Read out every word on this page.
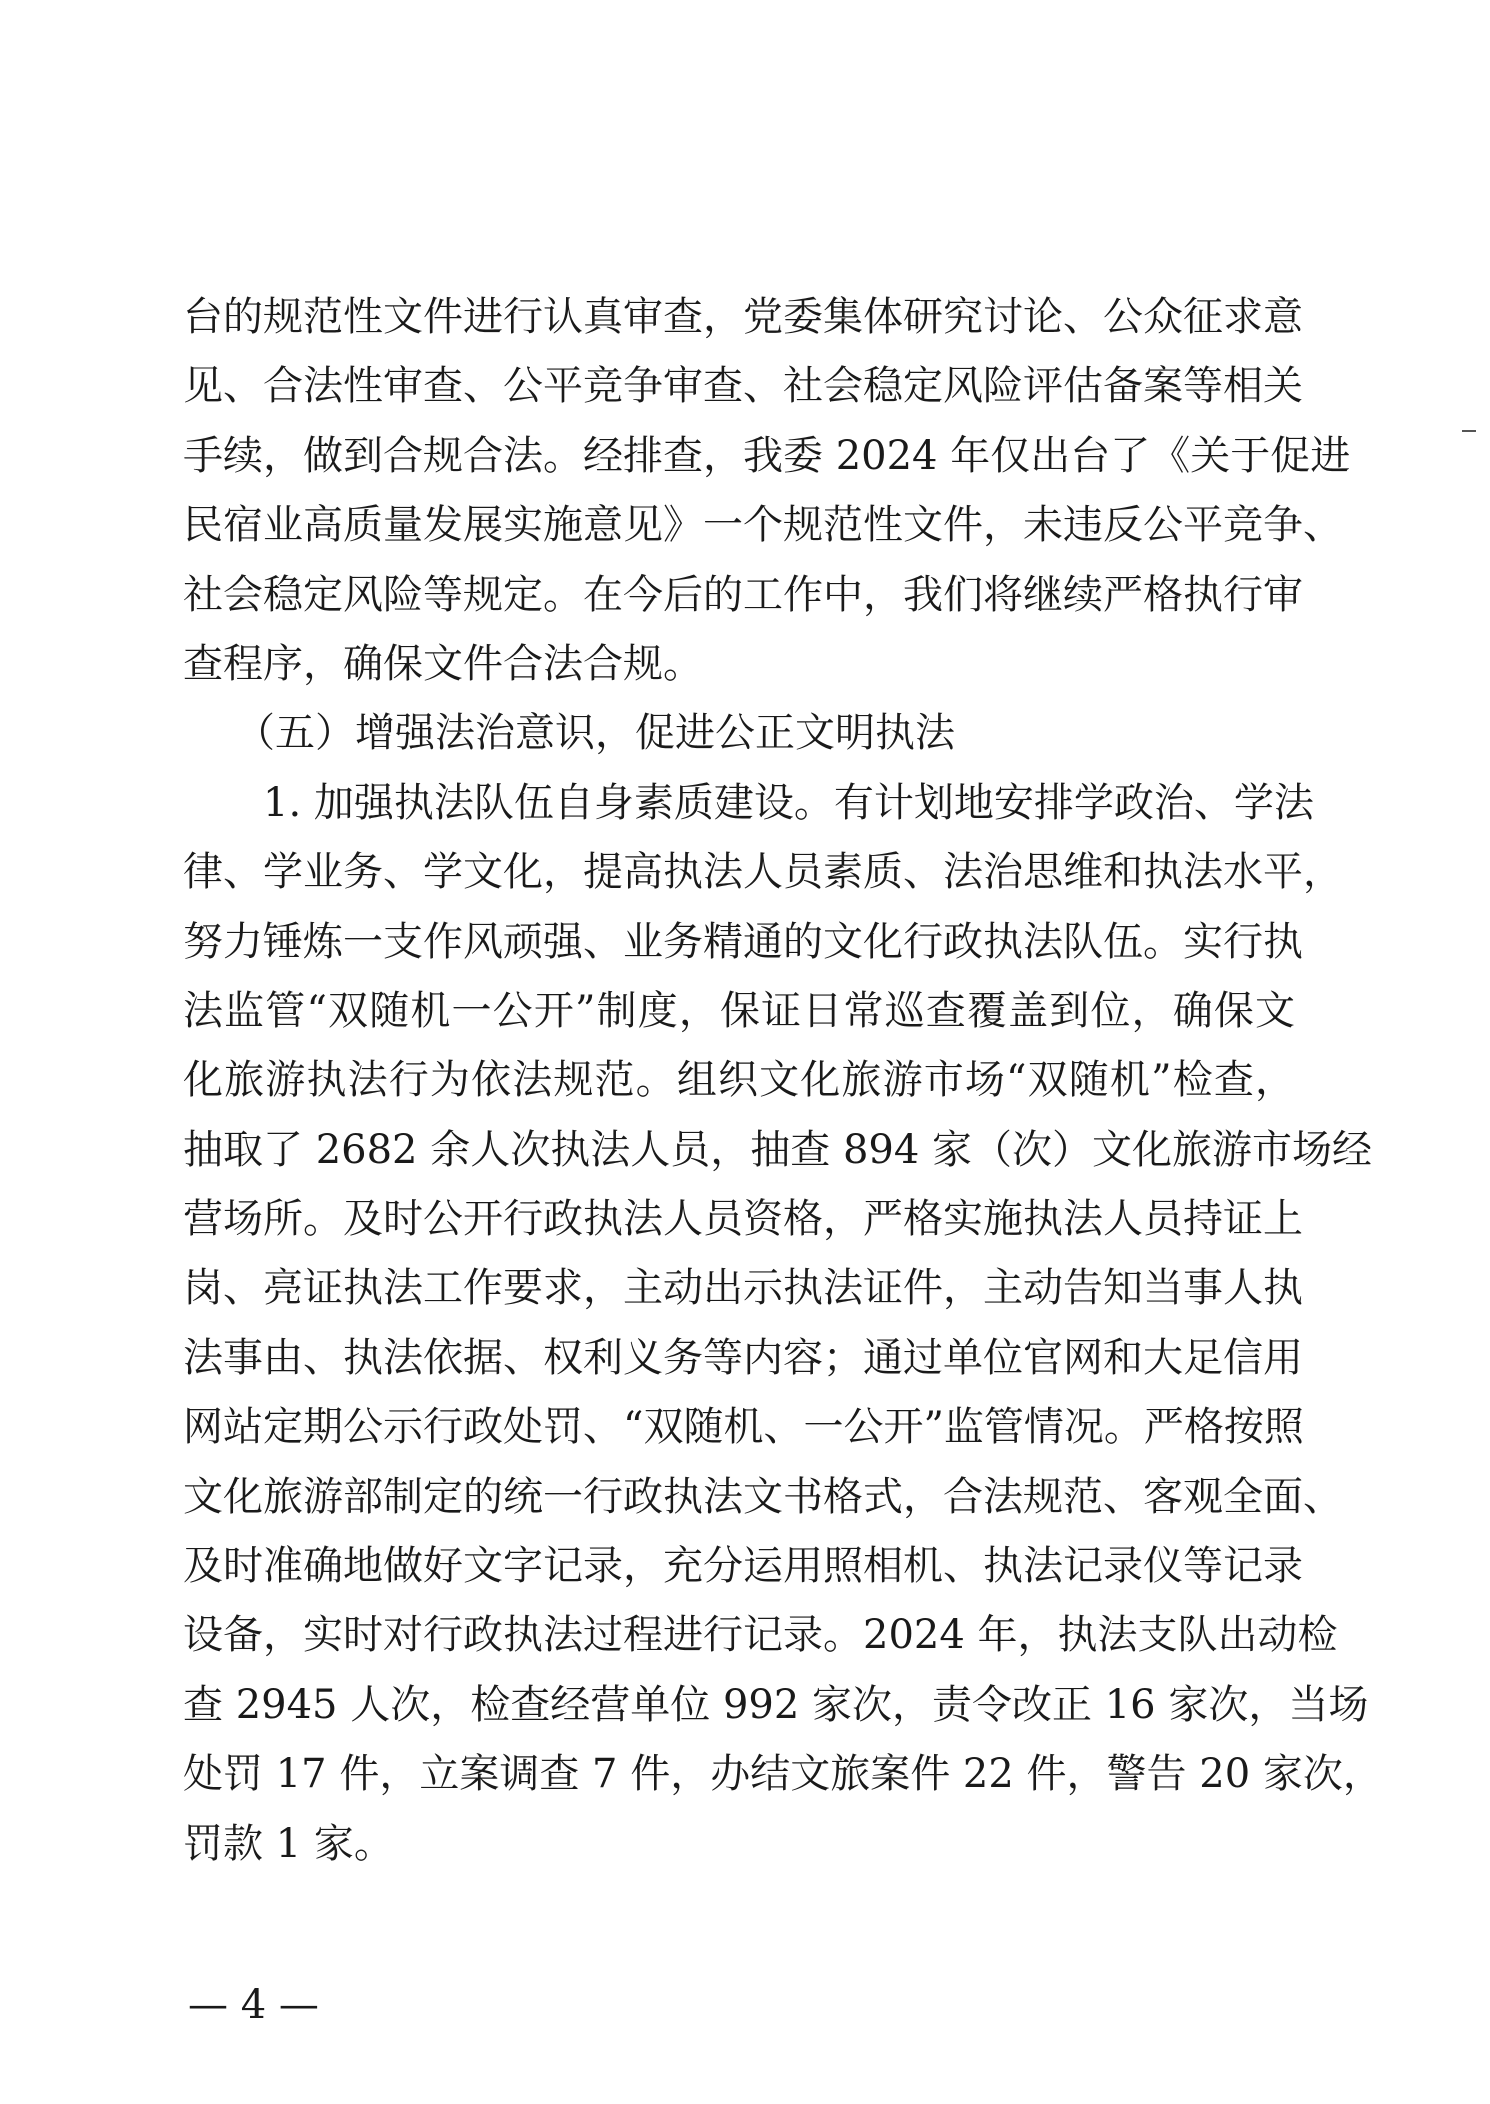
台的规范性文件进行认真审查，党委集体研究讨论、公众征求意
见、合法性审查、公平竞争审查、社会稳定风险评估备案等相关
手续，做到合规合法。经排查，我委 2024 年仅出台了《关于促进
民宿业高质量发展实施意见》一个规范性文件，未违反公平竞争、
社会稳定风险等规定。在今后的工作中，我们将继续严格执行审
查程序，确保文件合法合规。
（五）增强法治意识，促进公正文明执法
1. 加强执法队伍自身素质建设。有计划地安排学政治、学法
律、学业务、学文化，提高执法人员素质、法治思维和执法水平，
努力锤炼一支作风顽强、业务精通的文化行政执法队伍。实行执
法监管“双随机一公开”制度，保证日常巡查覆盖到位，确保文
化旅游执法行为依法规范。组织文化旅游市场“双随机”检查，
抽取了 2682 余人次执法人员，抽查 894 家（次）文化旅游市场经
营场所。及时公开行政执法人员资格，严格实施执法人员持证上
岗、亮证执法工作要求，主动出示执法证件，主动告知当事人执
法事由、执法依据、权利义务等内容；通过单位官网和大足信用
网站定期公示行政处罚、“双随机、一公开”监管情况。严格按照
文化旅游部制定的统一行政执法文书格式，合法规范、客观全面、
及时准确地做好文字记录，充分运用照相机、执法记录仪等记录
设备，实时对行政执法过程进行记录。2024 年，执法支队出动检
查 2945 人次，检查经营单位 992 家次，责令改正 16 家次，当场
处罚 17 件，立案调查 7 件，办结文旅案件 22 件，警告 20 家次，
罚款 1 家。
— 4 —
